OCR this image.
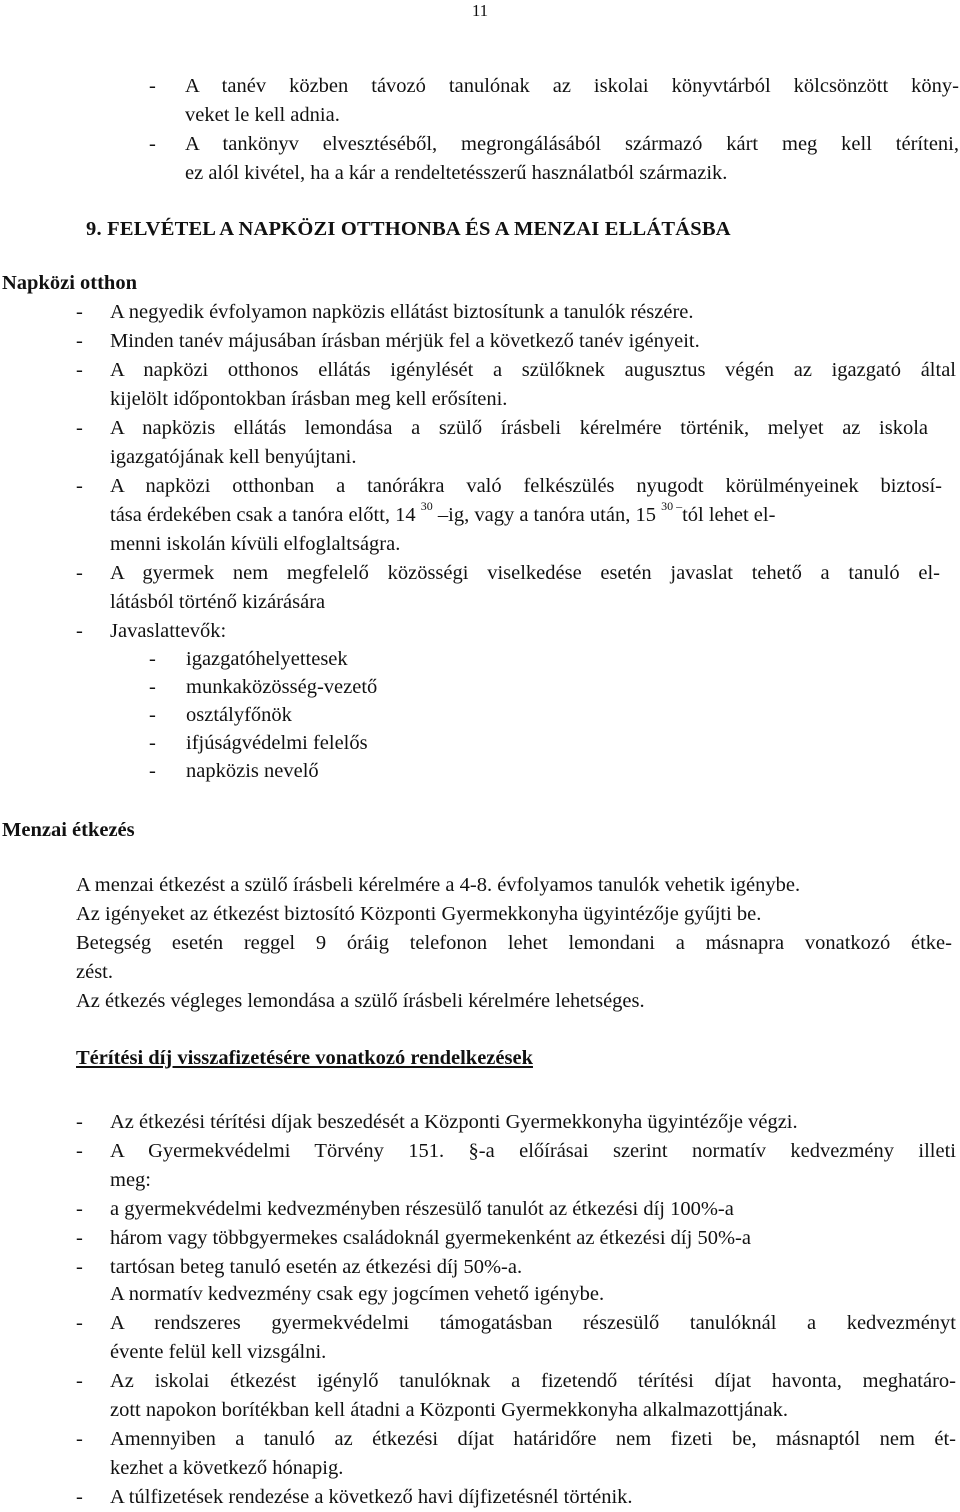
11
- A tanév közben távozó tanulónak az iskolai könyvtárból kölcsönzött köny-
veket le kell adnia.
- A tankönyv elvesztéséből, megrongálásából származó kárt meg kell téríteni,
ez alól kivétel, ha a kár a rendeltetésszerű használatból származik.
9. FELVÉTEL A NAPKÖZI OTTHONBA ÉS A MENZAI ELLÁTÁSBA
Napközi otthon
- A negyedik évfolyamon napközis ellátást biztosítunk a tanulók részére.
- Minden tanév májusában írásban mérjük fel a következő tanév igényeit.
- A napközi otthonos ellátás igénylését a szülőknek augusztus végén az igazgató által
kijelölt időpontokban írásban meg kell erősíteni.
- A napközis ellátás lemondása a szülő írásbeli kérelmére történik, melyet az iskola
igazgatójának kell benyújtani.
- A napközi otthonban a tanórákra való felkészülés nyugodt körülményeinek biztosí-
tása érdekében csak a tanóra előtt, 14 $^{30}$ –ig, vagy a tanóra után, 15 $^{30 -}$tól lehet el-
menni iskolán kívüli elfoglaltságra.
- A gyermek nem megfelelő közösségi viselkedése esetén javaslat tehető a tanuló el-
látásból történő kizárására
- Javaslattevők:
- igazgatóhelyettesek
- munkaközösség-vezető
- osztályfőnök
- ifjúságvédelmi felelős
- napközis nevelő
Menzai étkezés
A menzai étkezést a szülő írásbeli kérelmére a 4-8. évfolyamos tanulók vehetik igénybe.
Az igényeket az étkezést biztosító Központi Gyermekkonyha ügyintézője gyűjti be.
Betegség esetén reggel 9 óráig telefonon lehet lemondani a másnapra vonatkozó étke-
zést.
Az étkezés végleges lemondása a szülő írásbeli kérelmére lehetséges.
Térítési díj visszafizetésére vonatkozó rendelkezések
- Az étkezési térítési díjak beszedését a Központi Gyermekkonyha ügyintézője végzi.
- A Gyermekvédelmi Törvény 151. §-a előírásai szerint normatív kedvezmény illeti
meg:
- a gyermekvédelmi kedvezményben részesülő tanulót az étkezési díj 100%-a
- három vagy többgyermekes családoknál gyermekenként az étkezési díj 50%-a
- tartósan beteg tanuló esetén az étkezési díj 50%-a.
A normatív kedvezmény csak egy jogcímen vehető igénybe.
- A rendszeres gyermekvédelmi támogatásban részesülő tanulóknál a kedvezményt
évente felül kell vizsgálni.
- Az iskolai étkezést igénylő tanulóknak a fizetendő térítési díjat havonta, meghatáro-
zott napokon borítékban kell átadni a Központi Gyermekkonyha alkalmazottjának.
- Amennyiben a tanuló az étkezési díjat határidőre nem fizeti be, másnaptól nem ét-
kezhet a következő hónapig.
- A túlfizetések rendezése a következő havi díjfizetésnél történik.
